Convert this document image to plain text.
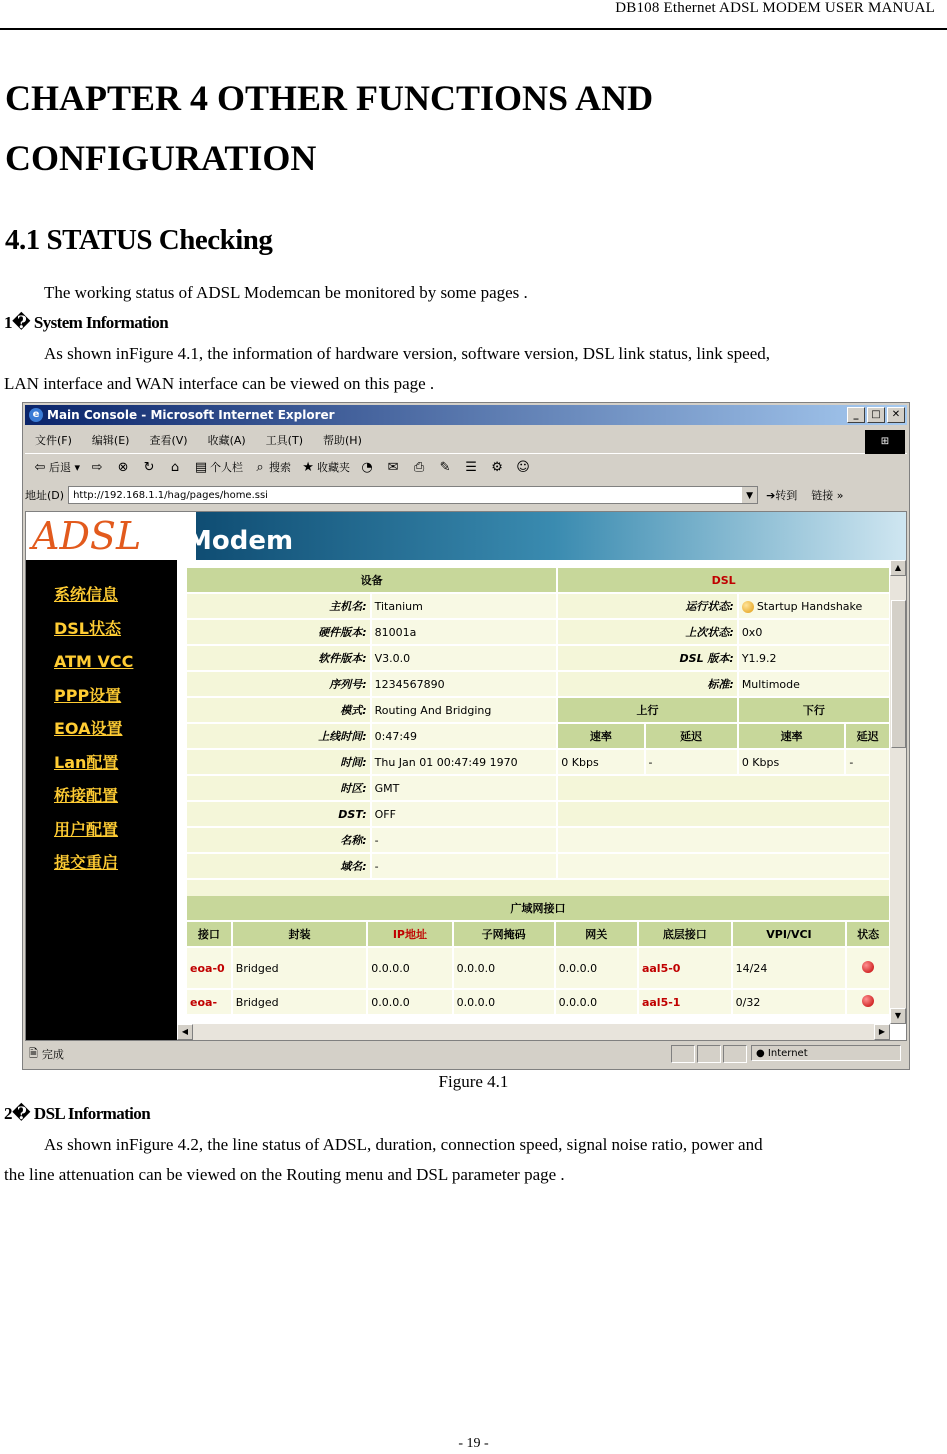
DB108 Ethernet ADSL MODEM USER MANUAL
CHAPTER 4 OTHER FUNCTIONS AND CONFIGURATION
4.1 STATUS Checking
The working status of ADSL Modemcan be monitored by some pages .
1� System Information
As shown inFigure 4.1, the information of hardware version, software version, DSL link status, link speed,
LAN interface and WAN interface can be viewed on this page .
e Main Console - Microsoft Internet Explorer	_	□	✕
文件(F) 编辑(E) 查看(V) 收藏(A) 工具(T) 帮助(H)	⊞
⇦ 后退 ▾ ⇨ ⊗ ↻	⌂	▤ 个人栏	⌕ 搜索 ★ 收藏夹 ◔ ✉ ⎙ ✎ ☰ ⚙ ☺
地址(D) http://192.168.1.1/hag/pages/home.ssi	▼	➔转到 链接 »
ADSL Modem
系统信息
DSL状态
ATM VCC
PPP设置
EOA设置
Lan配置
桥接配置
用户配置
提交重启
设备		DSL			
主机名:	Titanium	运行状态:		Startup Handshake	
硬件版本:	81001a	上次状态:		0x0	
软件版本:	V3.0.0	DSL 版本:		Y1.9.2	
序列号:	1234567890	标准:		Multimode	
模式:	Routing And Bridging	上行		下行	
上线时间:	0:47:49	速率	延迟	速率	延迟
时间:	Thu Jan 01 00:47:49 1970	0 Kbps	-	0 Kbps	-
时区:	GMT				
DST:	OFF				
名称:	-				
域名:	-				

广域网接口							
接口	封装	IP地址	子网掩码	网关	底层接口	VPI/VCI	状态
eoa-0	Bridged	0.0.0.0	0.0.0.0	0.0.0.0	aal5-0	14/24	
eoa-	Bridged	0.0.0.0	0.0.0.0	0.0.0.0	aal5-1	0/32	
▲
▼
◀	▶
🗎 完成	● Internet
Figure 4.1
2� DSL Information
As shown inFigure 4.2, the line status of ADSL, duration, connection speed, signal noise ratio, power and
the line attenuation can be viewed on the Routing menu and DSL parameter page .
- 19 -
